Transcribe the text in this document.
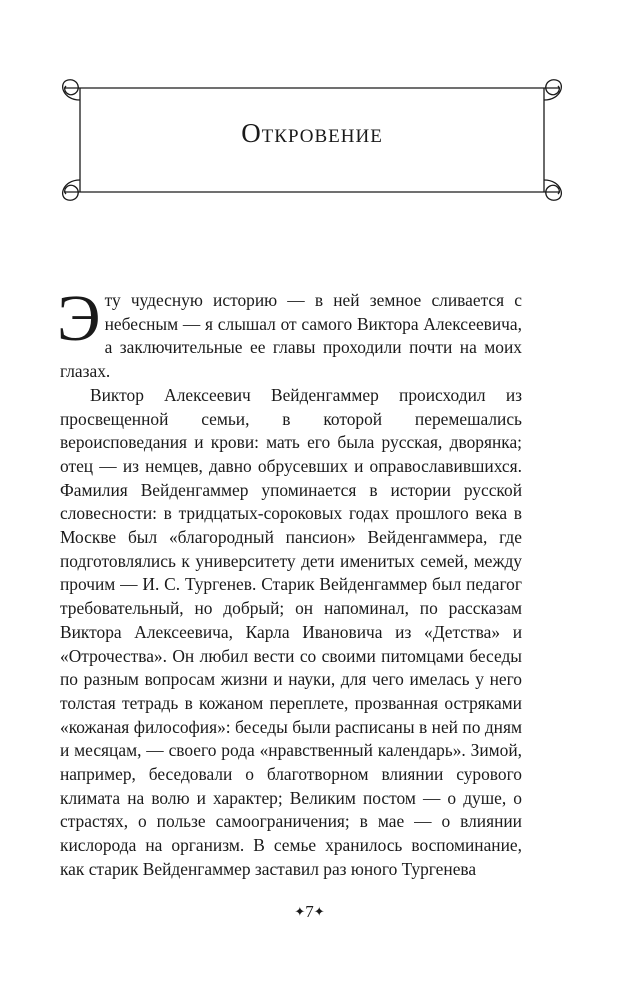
Откровение

Эту чудесную историю — в ней земное сливается с небесным — я слышал от самого Виктора Алексеевича, а заключительные ее главы проходили почти на моих глазах.

Виктор Алексеевич Вейденгаммер происходил из просвещенной семьи, в которой перемешались вероисповедания и крови: мать его была русская, дворянка; отец — из немцев, давно обрусевших и оправославившихся. Фамилия Вейденгаммер упоминается в истории русской словесности: в тридцатых-сороковых годах прошлого века в Москве был «благородный пансион» Вейденгаммера, где подготовлялись к университету дети именитых семей, между прочим — И. С. Тургенев. Старик Вейденгаммер был педагог требовательный, но добрый; он напоминал, по рассказам Виктора Алексеевича, Карла Ивановича из «Детства» и «Отрочества». Он любил вести со своими питомцами беседы по разным вопросам жизни и науки, для чего имелась у него толстая тетрадь в кожаном переплете, прозванная остряками «кожаная философия»: беседы были расписаны в ней по дням и месяцам, — своего рода «нравственный календарь». Зимой, например, беседовали о благотворном влиянии сурового климата на волю и характер; Великим постом — о душе, о страстях, о пользе самоограничения; в мае — о влиянии кислорода на организм. В семье хранилось воспоминание, как старик Вейденгаммер заставил раз юного Тургенева

✦7✦
